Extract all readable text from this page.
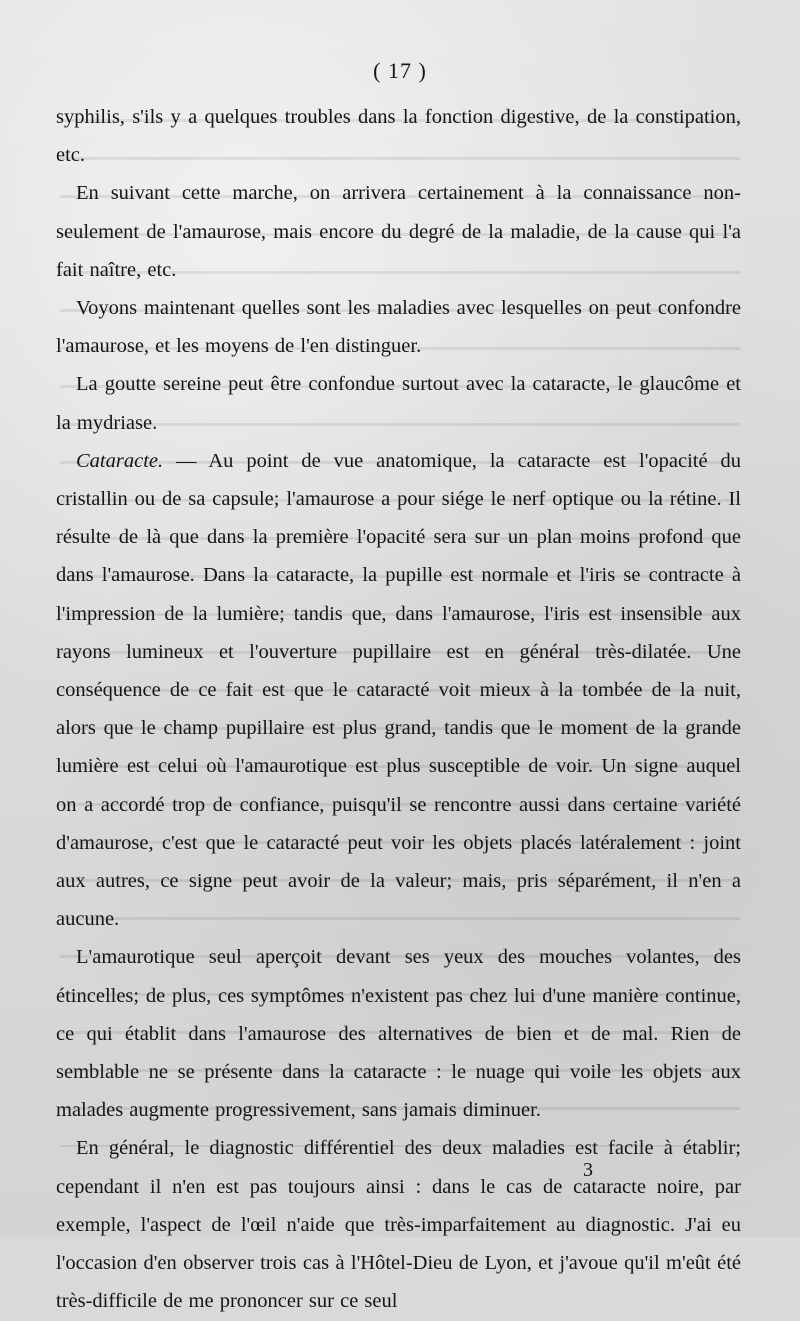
( 17 )

syphilis, s'ils y a quelques troubles dans la fonction digestive, de la constipation, etc.

En suivant cette marche, on arrivera certainement à la connaissance non-seulement de l'amaurose, mais encore du degré de la maladie, de la cause qui l'a fait naître, etc.

Voyons maintenant quelles sont les maladies avec lesquelles on peut confondre l'amaurose, et les moyens de l'en distinguer.

La goutte sereine peut être confondue surtout avec la cataracte, le glaucôme et la mydriase.

Cataracte. — Au point de vue anatomique, la cataracte est l'opacité du cristallin ou de sa capsule; l'amaurose a pour siége le nerf optique ou la rétine. Il résulte de là que dans la première l'opacité sera sur un plan moins profond que dans l'amaurose. Dans la cataracte, la pupille est normale et l'iris se contracte à l'impression de la lumière; tandis que, dans l'amaurose, l'iris est insensible aux rayons lumineux et l'ouverture pupillaire est en général très-dilatée. Une conséquence de ce fait est que le cataracté voit mieux à la tombée de la nuit, alors que le champ pupillaire est plus grand, tandis que le moment de la grande lumière est celui où l'amaurotique est plus susceptible de voir. Un signe auquel on a accordé trop de confiance, puisqu'il se rencontre aussi dans certaine variété d'amaurose, c'est que le cataracté peut voir les objets placés latéralement : joint aux autres, ce signe peut avoir de la valeur; mais, pris séparément, il n'en a aucune.

L'amaurotique seul aperçoit devant ses yeux des mouches volantes, des étincelles; de plus, ces symptômes n'existent pas chez lui d'une manière continue, ce qui établit dans l'amaurose des alternatives de bien et de mal. Rien de semblable ne se présente dans la cataracte : le nuage qui voile les objets aux malades augmente progressivement, sans jamais diminuer.

En général, le diagnostic différentiel des deux maladies est facile à établir; cependant il n'en est pas toujours ainsi : dans le cas de cataracte noire, par exemple, l'aspect de l'œil n'aide que très-imparfaitement au diagnostic. J'ai eu l'occasion d'en observer trois cas à l'Hôtel-Dieu de Lyon, et j'avoue qu'il m'eût été très-difficile de me prononcer sur ce seul

3
